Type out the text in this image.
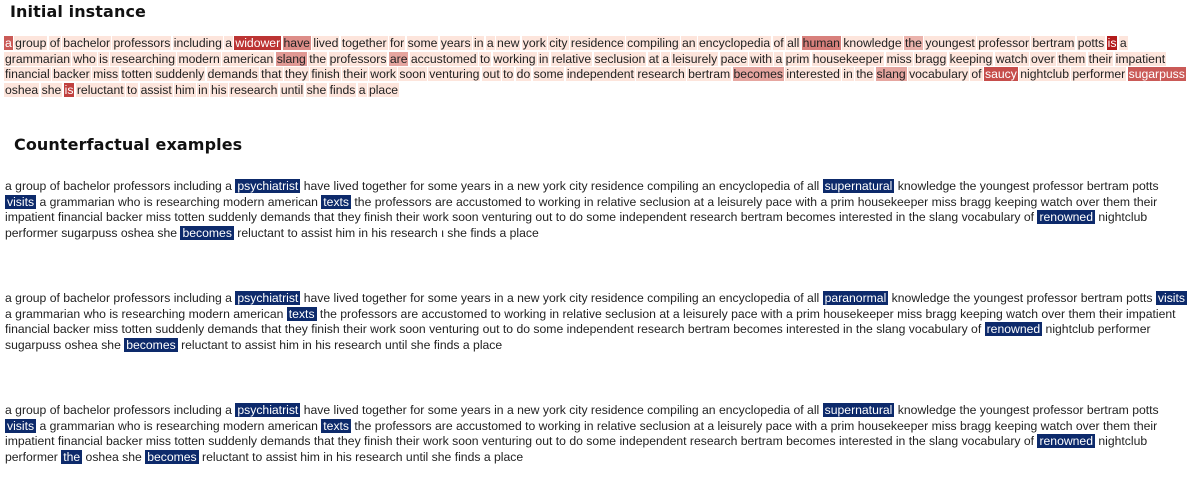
Initial instance
a group of bachelor professors including a widower have lived together for some years in a new york city residence compiling an encyclopedia of all human knowledge the youngest professor bertram potts is a grammarian who is researching modern american slang the professors are accustomed to working in relative seclusion at a leisurely pace with a prim housekeeper miss bragg keeping watch over them their impatient financial backer miss totten suddenly demands that they finish their work soon venturing out to do some independent research bertram becomes interested in the slang vocabulary of saucy nightclub performer sugarpuss oshea she is reluctant to assist him in his research until she finds a place
Counterfactual examples
a group of bachelor professors including a psychiatrist have lived together for some years in a new york city residence compiling an encyclopedia of all supernatural knowledge the youngest professor bertram potts visits a grammarian who is researching modern american texts the professors are accustomed to working in relative seclusion at a leisurely pace with a prim housekeeper miss bragg keeping watch over them their impatient financial backer miss totten suddenly demands that they finish their work soon venturing out to do some independent research bertram becomes interested in the slang vocabulary of renowned nightclub performer sugarpuss oshea she becomes reluctant to assist him in his research ι she finds a place
a group of bachelor professors including a psychiatrist have lived together for some years in a new york city residence compiling an encyclopedia of all paranormal knowledge the youngest professor bertram potts visits a grammarian who is researching modern american texts the professors are accustomed to working in relative seclusion at a leisurely pace with a prim housekeeper miss bragg keeping watch over them their impatient financial backer miss totten suddenly demands that they finish their work soon venturing out to do some independent research bertram becomes interested in the slang vocabulary of renowned nightclub performer sugarpuss oshea she becomes reluctant to assist him in his research until she finds a place
a group of bachelor professors including a psychiatrist have lived together for some years in a new york city residence compiling an encyclopedia of all supernatural knowledge the youngest professor bertram potts visits a grammarian who is researching modern american texts the professors are accustomed to working in relative seclusion at a leisurely pace with a prim housekeeper miss bragg keeping watch over them their impatient financial backer miss totten suddenly demands that they finish their work soon venturing out to do some independent research bertram becomes interested in the slang vocabulary of renowned nightclub performer the oshea she becomes reluctant to assist him in his research until she finds a place
